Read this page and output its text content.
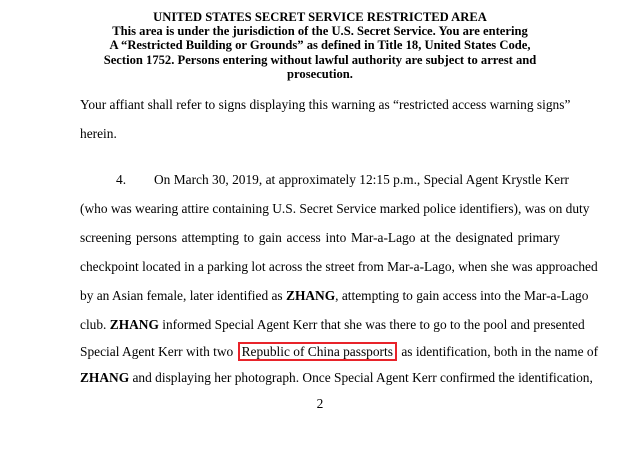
UNITED STATES SECRET SERVICE RESTRICTED AREA
This area is under the jurisdiction of the U.S. Secret Service. You are entering
A “Restricted Building or Grounds” as defined in Title 18, United States Code,
Section 1752. Persons entering without lawful authority are subject to arrest and
prosecution.
Your affiant shall refer to signs displaying this warning as “restricted access warning signs”
herein.
4. On March 30, 2019, at approximately 12:15 p.m., Special Agent Krystle Kerr
(who was wearing attire containing U.S. Secret Service marked police identifiers), was on duty
screening persons attempting to gain access into Mar-a-Lago at the designated primary
checkpoint located in a parking lot across the street from Mar-a-Lago, when she was approached
by an Asian female, later identified as ZHANG, attempting to gain access into the Mar-a-Lago
club. ZHANG informed Special Agent Kerr that she was there to go to the pool and presented
Special Agent Kerr with two Republic of China passports as identification, both in the name of
ZHANG and displaying her photograph. Once Special Agent Kerr confirmed the identification,
2
